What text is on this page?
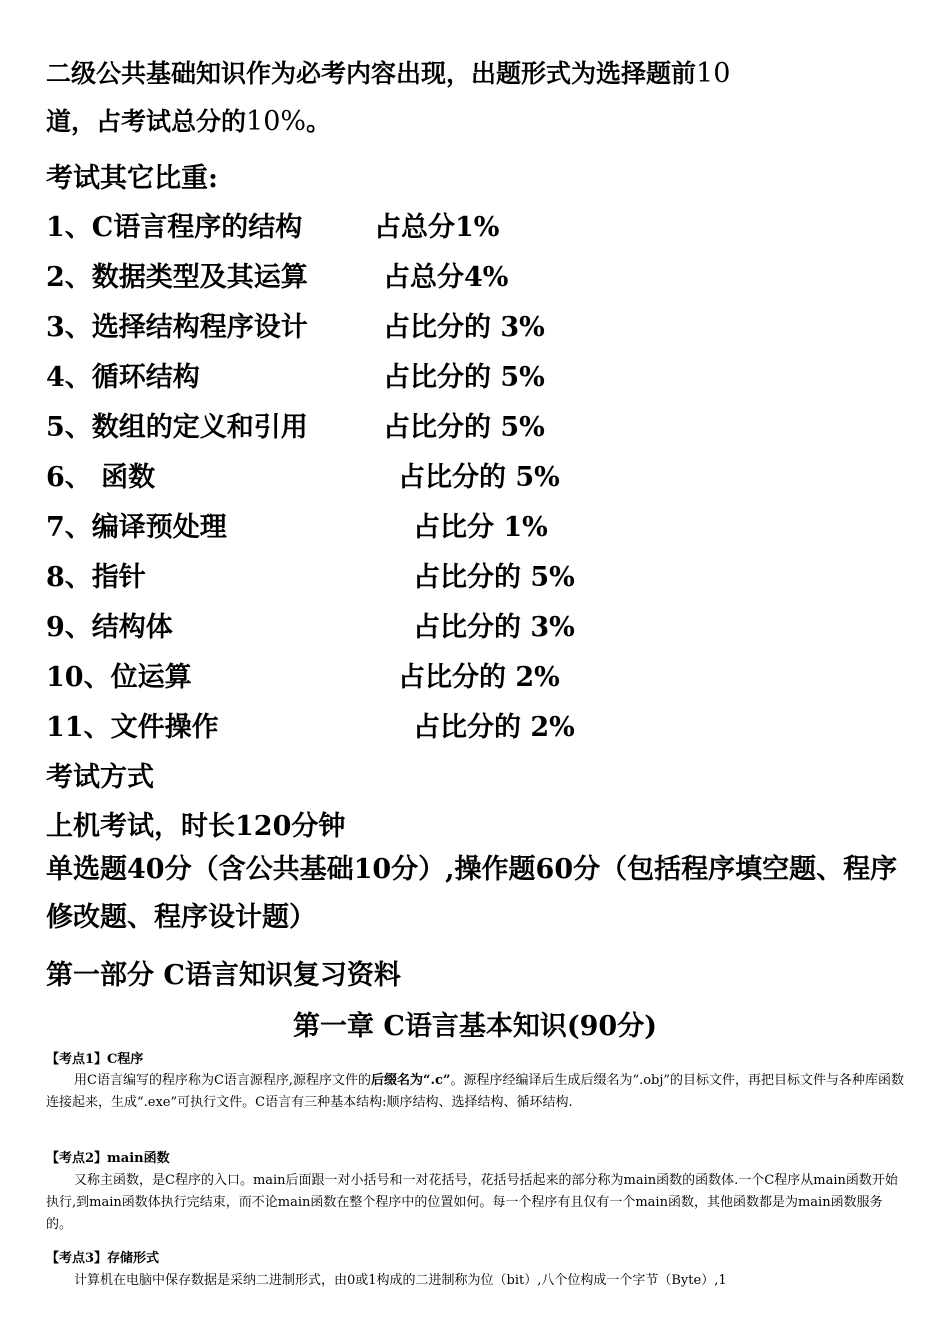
二级公共基础知识作为必考内容出现，出题形式为选择题前10
道，占考试总分的10%。
考试其它比重:
1、C语言程序的结构	占总分1%
2、数据类型及其运算	占总分4%
3、选择结构程序设计	占比分的 3%
4、循环结构	占比分的 5%
5、数组的定义和引用	占比分的 5%
6、 函数	占比分的 5%
7、编译预处理	占比分 1%
8、指针	占比分的 5%
9、结构体	占比分的 3%
10、位运算	占比分的 2%
11、文件操作	占比分的 2%
考试方式
上机考试，时长120分钟
单选题40分（含公共基础10分）,操作题60分（包括程序填空题、程序修改题、程序设计题）
第一部分 C语言知识复习资料
第一章 C语言基本知识(90分)
【考点1】C程序
用C语言编写的程序称为C语言源程序,源程序文件的后缀名为“.c”。源程序经编译后生成后缀名为“.obj”的目标文件，再把目标文件与各种库函数连接起来，生成“.exe”可执行文件。C语言有三种基本结构:顺序结构、选择结构、循环结构.
【考点2】main函数
又称主函数，是C程序的入口。main后面跟一对小括号和一对花括号，花括号括起来的部分称为main函数的函数体.一个C程序从main函数开始执行,到main函数体执行完结束，而不论main函数在整个程序中的位置如何。每一个程序有且仅有一个main函数，其他函数都是为main函数服务的。
【考点3】存储形式
计算机在电脑中保存数据是采纳二进制形式，由0或1构成的二进制称为位（bit）,八个位构成一个字节（Byte）,1
